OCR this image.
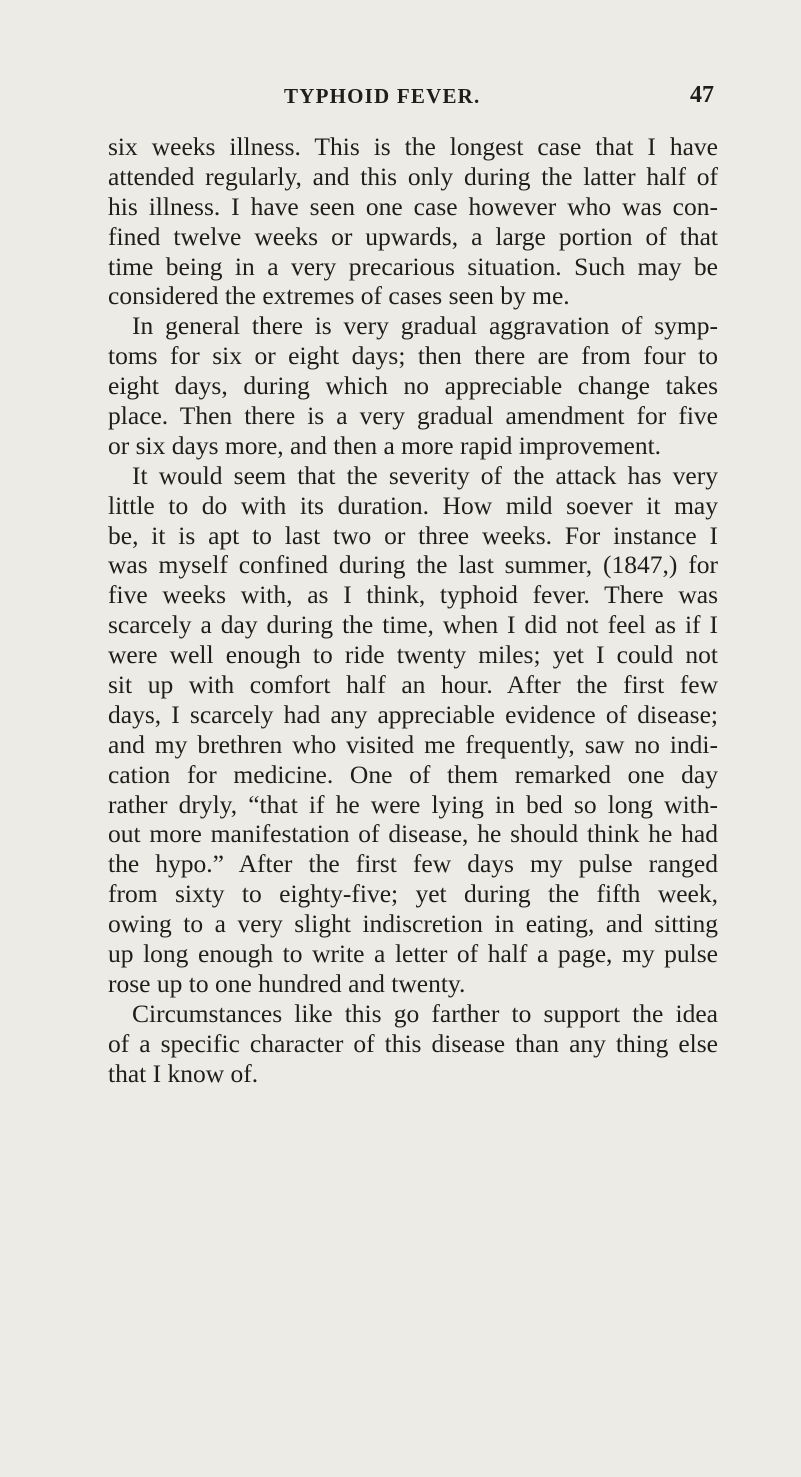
TYPHOID FEVER.	47
six weeks illness. This is the longest case that I have
attended regularly, and this only during the latter half of
his illness. I have seen one case however who was con-
fined twelve weeks or upwards, a large portion of that
time being in a very precarious situation. Such may be
considered the extremes of cases seen by me.
In general there is very gradual aggravation of symp-
toms for six or eight days; then there are from four to
eight days, during which no appreciable change takes
place. Then there is a very gradual amendment for five
or six days more, and then a more rapid improvement.
It would seem that the severity of the attack has very
little to do with its duration. How mild soever it may
be, it is apt to last two or three weeks. For instance I
was myself confined during the last summer, (1847,) for
five weeks with, as I think, typhoid fever. There was
scarcely a day during the time, when I did not feel as if I
were well enough to ride twenty miles; yet I could not
sit up with comfort half an hour. After the first few
days, I scarcely had any appreciable evidence of disease;
and my brethren who visited me frequently, saw no indi-
cation for medicine. One of them remarked one day
rather dryly, “that if he were lying in bed so long with-
out more manifestation of disease, he should think he had
the hypo.” After the first few days my pulse ranged
from sixty to eighty-five; yet during the fifth week,
owing to a very slight indiscretion in eating, and sitting
up long enough to write a letter of half a page, my pulse
rose up to one hundred and twenty.
Circumstances like this go farther to support the idea
of a specific character of this disease than any thing else
that I know of.
